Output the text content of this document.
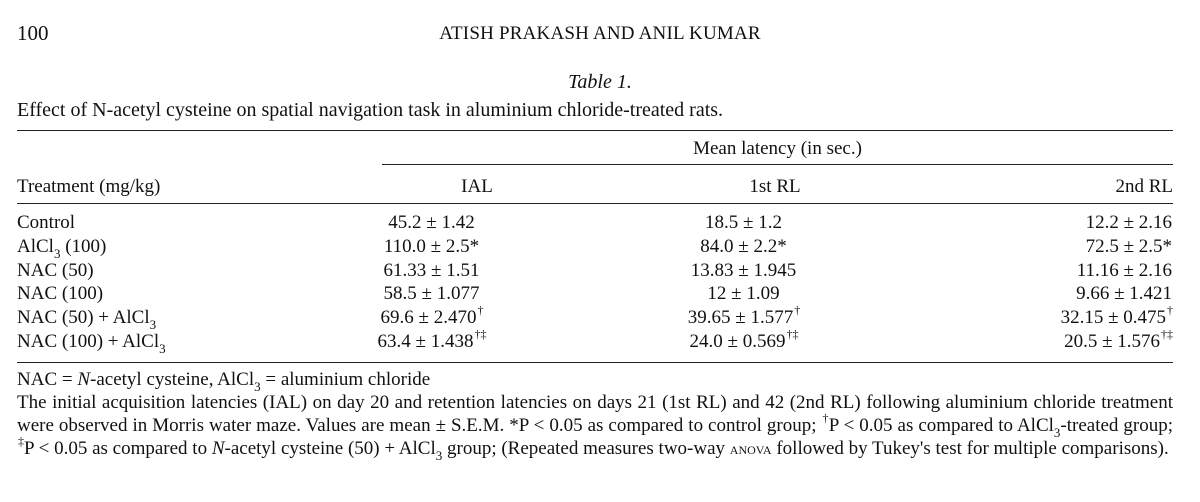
100	ATISH PRAKASH AND ANIL KUMAR
Table 1.
Effect of N-acetyl cysteine on spatial navigation task in aluminium chloride-treated rats.
Mean latency (in sec.)
Treatment (mg/kg)	IAL	1st RL	2nd RL
Control	45.2 ± 1.42	18.5 ± 1.2	12.2 ± 2.16
AlCl$_3$ (100)	110.0 ± 2.5*	84.0 ± 2.2*	72.5 ± 2.5*
NAC (50)	61.33 ± 1.51	13.83 ± 1.945	11.16 ± 2.16
NAC (100)	58.5 ± 1.077	12 ± 1.09	9.66 ± 1.421
NAC (50) + AlCl$_3$	69.6 ± 2.470†	39.65 ± 1.577†	32.15 ± 0.475†
NAC (100) + AlCl$_3$	63.4 ± 1.438†‡	24.0 ± 0.569†‡	20.5 ± 1.576†‡

NAC = N-acetyl cysteine, AlCl$_3$ = aluminium chloride

The initial acquisition latencies (IAL) on day 20 and retention latencies on days 21 (1st RL) and 42 (2nd RL) following aluminium chloride treatment were observed in Morris water maze. Values are mean ± S.E.M. *P < 0.05 as compared to control group; †P < 0.05 as compared to AlCl$_3$-treated group; ‡P < 0.05 as compared to N-acetyl cysteine (50) + AlCl$_3$ group; (Repeated measures two-way anova followed by Tukey's test for multiple comparisons).
